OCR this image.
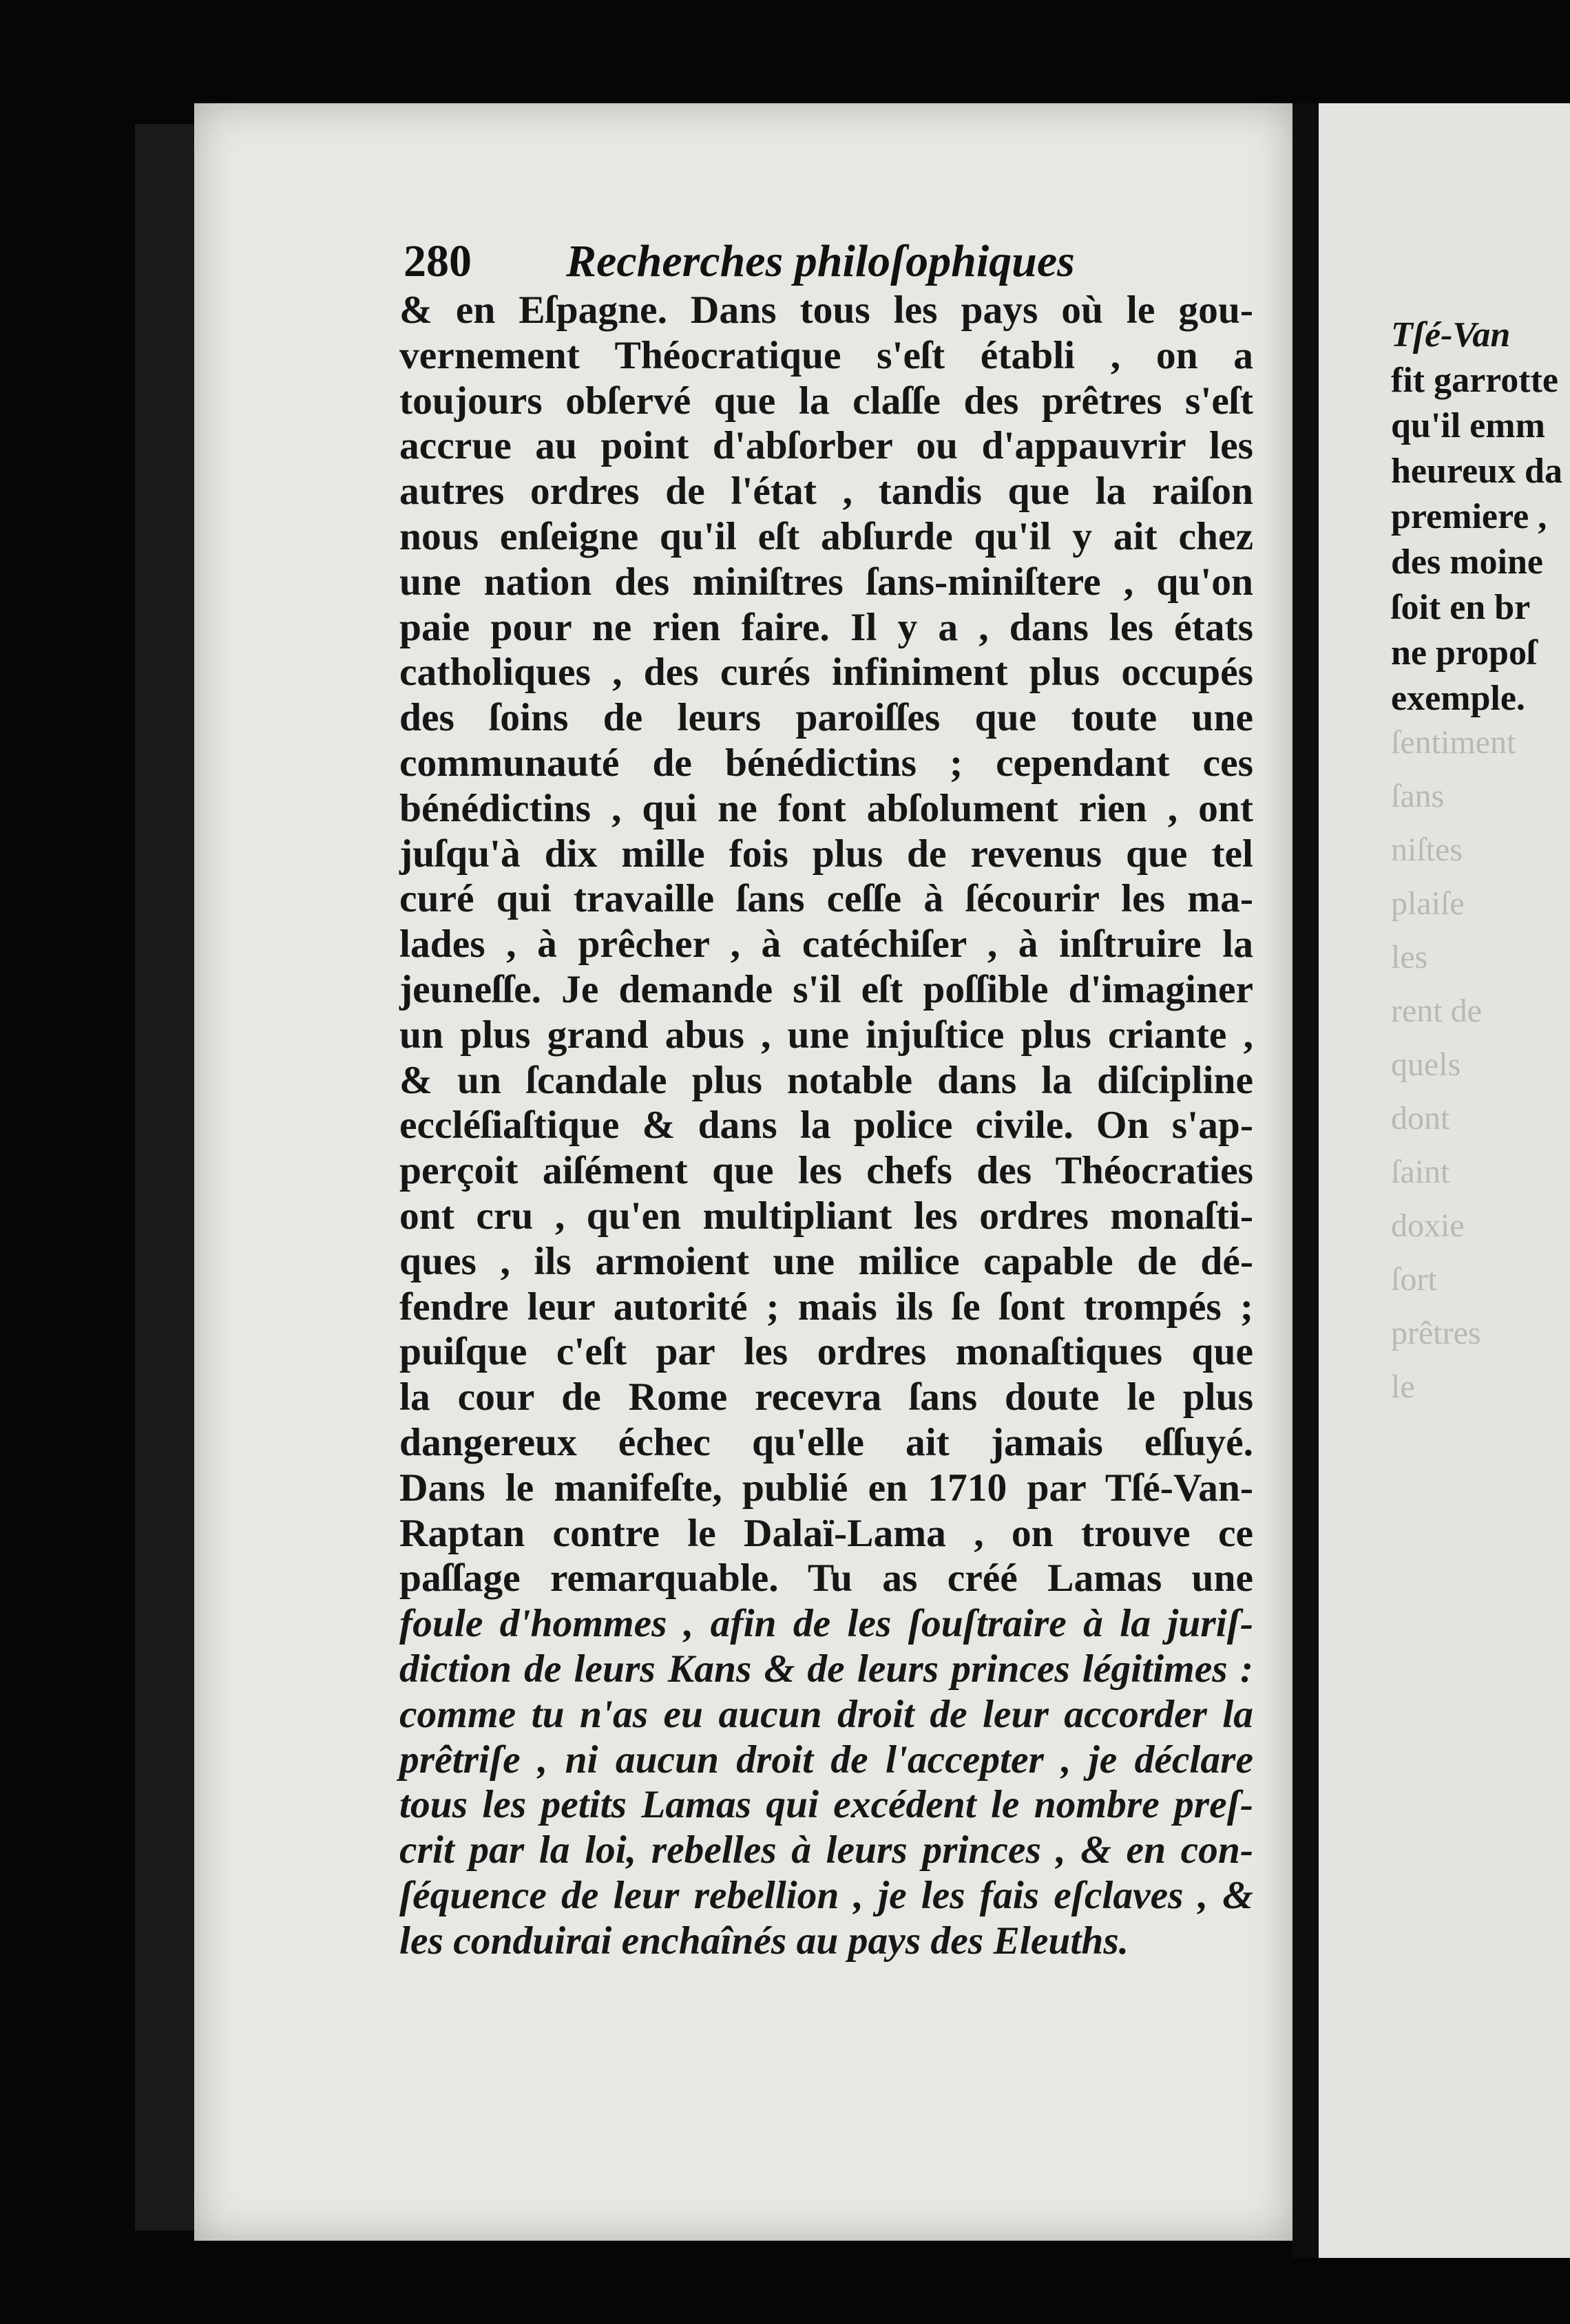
280 Recherches philoſophiques
& en Eſpagne. Dans tous les pays où le gou-
vernement Théocratique s'eſt établi , on a
toujours obſervé que la claſſe des prêtres s'eſt
accrue au point d'abſorber ou d'appauvrir les
autres ordres de l'état , tandis que la raiſon
nous enſeigne qu'il eſt abſurde qu'il y ait chez
une nation des miniſtres ſans-miniſtere , qu'on
paie pour ne rien faire. Il y a , dans les états
catholiques , des curés infiniment plus occupés
des ſoins de leurs paroiſſes que toute une
communauté de bénédictins ; cependant ces
bénédictins , qui ne font abſolument rien , ont
juſqu'à dix mille fois plus de revenus que tel
curé qui travaille ſans ceſſe à ſécourir les ma-
lades , à prêcher , à catéchiſer , à inſtruire la
jeuneſſe. Je demande s'il eſt poſſible d'imaginer
un plus grand abus , une injuſtice plus criante ,
& un ſcandale plus notable dans la diſcipline
eccléſiaſtique & dans la police civile. On s'ap-
perçoit aiſément que les chefs des Théocraties
ont cru , qu'en multipliant les ordres monaſti-
ques , ils armoient une milice capable de dé-
fendre leur autorité ; mais ils ſe ſont trompés ;
puiſque c'eſt par les ordres monaſtiques que
la cour de Rome recevra ſans doute le plus
dangereux échec qu'elle ait jamais eſſuyé.
Dans le manifeſte, publié en 1710 par Tſé-Van-
Raptan contre le Dalaï-Lama , on trouve ce
paſſage remarquable. Tu as créé Lamas une
foule d'hommes , afin de les ſouſtraire à la juriſ-
diction de leurs Kans & de leurs princes légitimes :
comme tu n'as eu aucun droit de leur accorder la
prêtriſe , ni aucun droit de l'accepter , je déclare
tous les petits Lamas qui excédent le nombre preſ-
crit par la loi, rebelles à leurs princes , & en con-
ſéquence de leur rebellion , je les fais eſclaves , &
les conduirai enchaînés au pays des Eleuths.
Tſé-Van
fit garrotte
qu'il emm
heureux da
premiere ,
des moine
ſoit en br
ne propoſ
exemple.
ſentiment
ſans
niſtes
plaiſe
les
rent de
quels
dont
ſaint
doxie
ſort
prêtres
le
